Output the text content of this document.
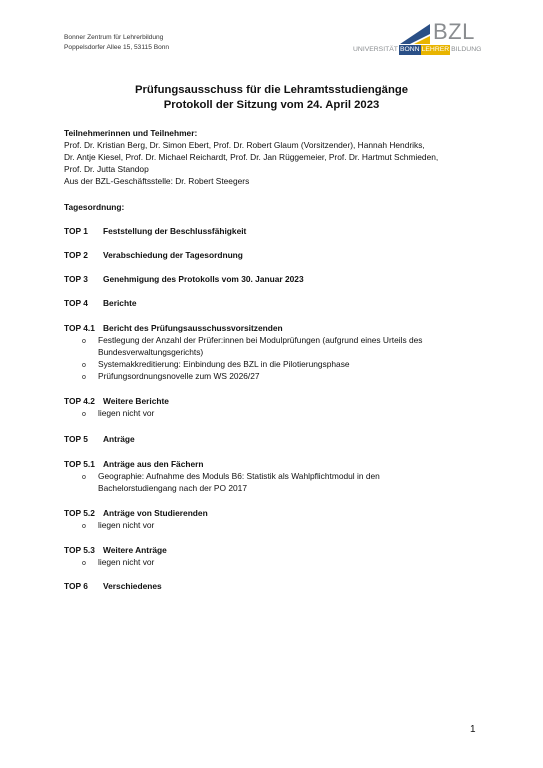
Bonner Zentrum für Lehrerbildung
Poppelsdorfer Allee 15, 53115 Bonn
BZL
UNIVERSITÄT BONN LEHRER BILDUNG
Prüfungsausschuss für die Lehramtsstudiengänge
Protokoll der Sitzung vom 24. April 2023
Teilnehmerinnen und Teilnehmer:
Prof. Dr. Kristian Berg, Dr. Simon Ebert, Prof. Dr. Robert Glaum (Vorsitzender), Hannah Hendriks,
Dr. Antje Kiesel, Prof. Dr. Michael Reichardt, Prof. Dr. Jan Rüggemeier, Prof. Dr. Hartmut Schmieden,
Prof. Dr. Jutta Standop
Aus der BZL-Geschäftsstelle: Dr. Robert Steegers
Tagesordnung:
TOP 1 Feststellung der Beschlussfähigkeit
TOP 2 Verabschiedung der Tagesordnung
TOP 3 Genehmigung des Protokolls vom 30. Januar 2023
TOP 4 Berichte
TOP 4.1 Bericht des Prüfungsausschussvorsitzenden
o Festlegung der Anzahl der Prüfer:innen bei Modulprüfungen (aufgrund eines Urteils des
Bundesverwaltungsgerichts)
o Systemakkreditierung: Einbindung des BZL in die Pilotierungsphase
o Prüfungsordnungsnovelle zum WS 2026/27
TOP 4.2 Weitere Berichte
o liegen nicht vor
TOP 5 Anträge
TOP 5.1 Anträge aus den Fächern
o Geographie: Aufnahme des Moduls B6: Statistik als Wahlpflichtmodul in den
Bachelorstudiengang nach der PO 2017
TOP 5.2 Anträge von Studierenden
o liegen nicht vor
TOP 5.3 Weitere Anträge
o liegen nicht vor
TOP 6 Verschiedenes
1
